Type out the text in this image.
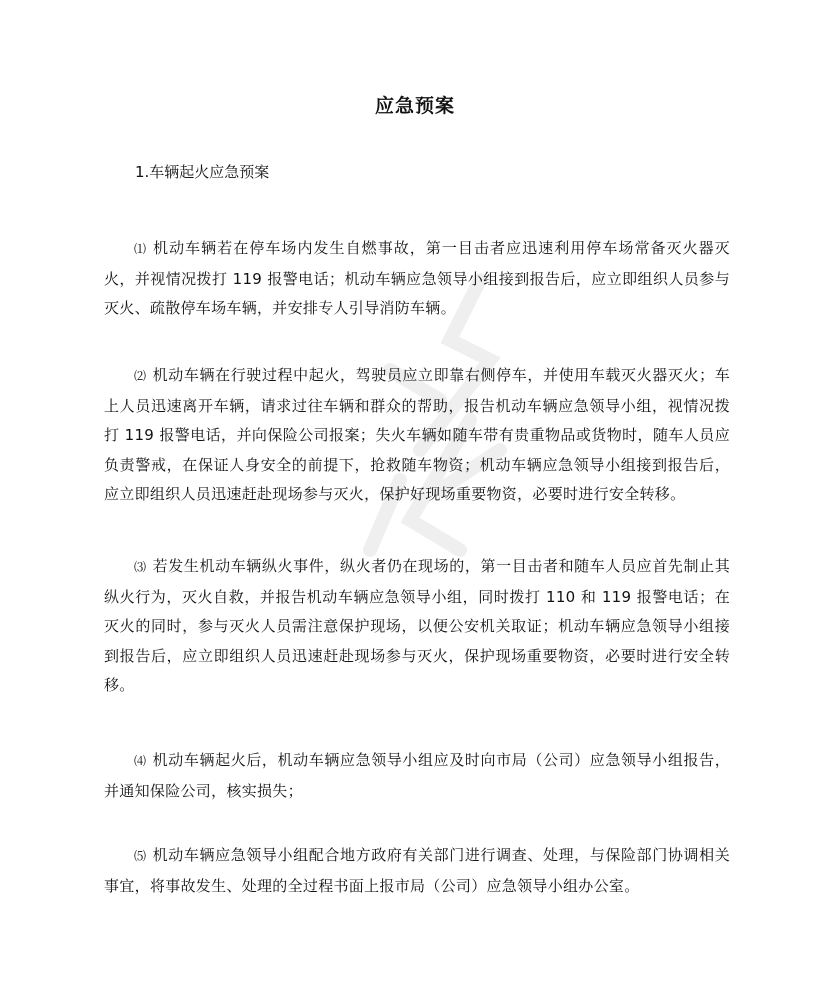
应急预案
1.车辆起火应急预案

⑴ 机动车辆若在停车场内发生自燃事故，第一目击者应迅速利用停车场常备灭火器灭火，并视情况拨打 119 报警电话；机动车辆应急领导小组接到报告后，应立即组织人员参与灭火、疏散停车场车辆，并安排专人引导消防车辆。

⑵ 机动车辆在行驶过程中起火，驾驶员应立即靠右侧停车，并使用车载灭火器灭火；车上人员迅速离开车辆，请求过往车辆和群众的帮助，报告机动车辆应急领导小组，视情况拨打 119 报警电话，并向保险公司报案；失火车辆如随车带有贵重物品或货物时，随车人员应负责警戒，在保证人身安全的前提下，抢救随车物资；机动车辆应急领导小组接到报告后，应立即组织人员迅速赶赴现场参与灭火，保护好现场重要物资，必要时进行安全转移。

⑶ 若发生机动车辆纵火事件，纵火者仍在现场的，第一目击者和随车人员应首先制止其纵火行为，灭火自救，并报告机动车辆应急领导小组，同时拨打 110 和 119 报警电话；在灭火的同时，参与灭火人员需注意保护现场，以便公安机关取证；机动车辆应急领导小组接到报告后，应立即组织人员迅速赶赴现场参与灭火，保护现场重要物资，必要时进行安全转移。

⑷ 机动车辆起火后，机动车辆应急领导小组应及时向市局（公司）应急领导小组报告，并通知保险公司，核实损失；

⑸ 机动车辆应急领导小组配合地方政府有关部门进行调查、处理，与保险部门协调相关事宜，将事故发生、处理的全过程书面上报市局（公司）应急领导小组办公室。
